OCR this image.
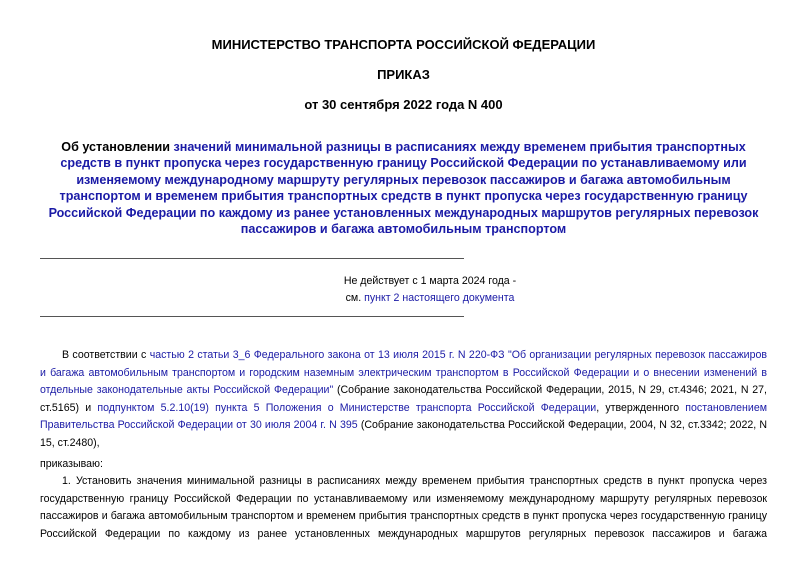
МИНИСТЕРСТВО ТРАНСПОРТА РОССИЙСКОЙ ФЕДЕРАЦИИ
ПРИКАЗ
от 30 сентября 2022 года N 400
Об установлении значений минимальной разницы в расписаниях между временем прибытия транспортных средств в пункт пропуска через государственную границу Российской Федерации по устанавливаемому или изменяемому международному маршруту регулярных перевозок пассажиров и багажа автомобильным транспортом и временем прибытия транспортных средств в пункт пропуска через государственную границу Российской Федерации по каждому из ранее установленных международных маршрутов регулярных перевозок пассажиров и багажа автомобильным транспортом
Не действует с 1 марта 2024 года -
см. пункт 2 настоящего документа
В соответствии с частью 2 статьи 3_6 Федерального закона от 13 июля 2015 г. N 220-ФЗ "Об организации регулярных перевозок пассажиров и багажа автомобильным транспортом и городским наземным электрическим транспортом в Российской Федерации и о внесении изменений в отдельные законодательные акты Российской Федерации" (Собрание законодательства Российской Федерации, 2015, N 29, ст.4346; 2021, N 27, ст.5165) и подпунктом 5.2.10(19) пункта 5 Положения о Министерстве транспорта Российской Федерации, утвержденного постановлением Правительства Российской Федерации от 30 июля 2004 г. N 395 (Собрание законодательства Российской Федерации, 2004, N 32, ст.3342; 2022, N 15, ст.2480),
приказываю:
1. Установить значения минимальной разницы в расписаниях между временем прибытия транспортных средств в пункт пропуска через государственную границу Российской Федерации по устанавливаемому или изменяемому международному маршруту регулярных перевозок пассажиров и багажа автомобильным транспортом и временем прибытия транспортных средств в пункт пропуска через государственную границу Российской Федерации по каждому из ранее установленных международных маршрутов регулярных перевозок пассажиров и багажа
